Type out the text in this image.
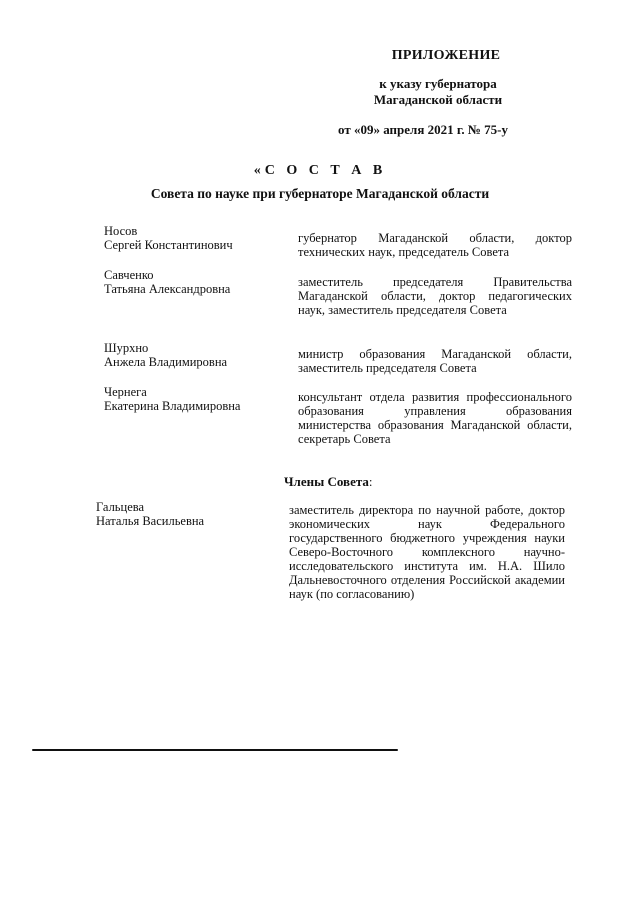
ПРИЛОЖЕНИЕ
к указу губернатора
Магаданской области
от «09» апреля 2021 г. № 75-у
«С О С Т А В
Совета по науке при губернаторе Магаданской области
Носов
Сергей Константинович	губернатор Магаданской области, доктор технических наук, председатель Совета
Савченко
Татьяна Александровна	заместитель председателя Правительства Магаданской области, доктор педагогических наук, заместитель председателя Совета
Шурхно
Анжела Владимировна
министр образования Магаданской области, заместитель председателя Совета
Чернега
Екатерина Владимировна
консультант отдела развития профессионального образования управления образования министерства образования Магаданской области, секретарь Совета
Члены Совета:
Гальцева
Наталья Васильевна
заместитель директора по научной работе, доктор экономических наук Федерального государственного бюджетного учреждения науки Северо-Восточного комплексного научно-исследовательского института им. Н.А. Шило Дальневосточного отделения Российской академии наук (по согласованию)
